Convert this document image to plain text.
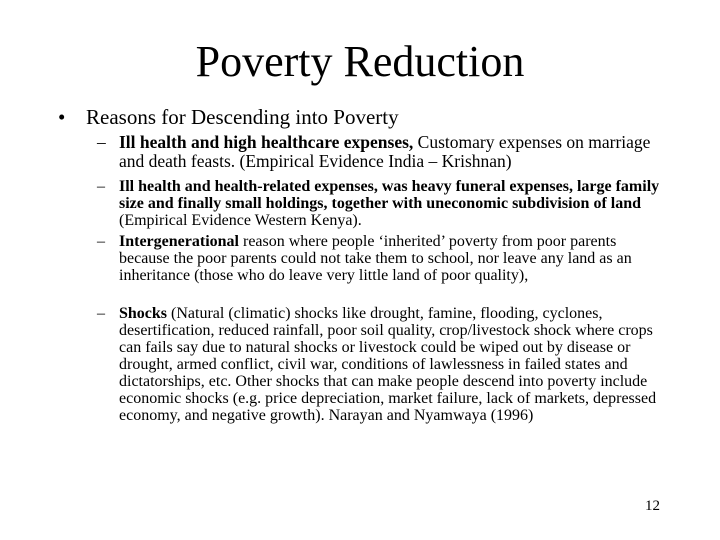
Poverty Reduction
• Reasons for Descending into Poverty
– Ill health and high healthcare expenses, Customary expenses on marriage and death feasts. (Empirical Evidence India – Krishnan)
– Ill health and health-related expenses, was heavy funeral expenses, large family size and finally small holdings, together with uneconomic subdivision of land (Empirical Evidence Western Kenya).
– Intergenerational reason where people ‘inherited’ poverty from poor parents because the poor parents could not take them to school, nor leave any land as an inheritance (those who do leave very little land of poor quality),
– Shocks (Natural (climatic) shocks like drought, famine, flooding, cyclones, desertification, reduced rainfall, poor soil quality, crop/livestock shock where crops can fails say due to natural shocks or livestock could be wiped out by disease or drought, armed conflict, civil war, conditions of lawlessness in failed states and dictatorships, etc. Other shocks that can make people descend into poverty include economic shocks (e.g. price depreciation, market failure, lack of markets, depressed economy, and negative growth). Narayan and Nyamwaya (1996)
12
